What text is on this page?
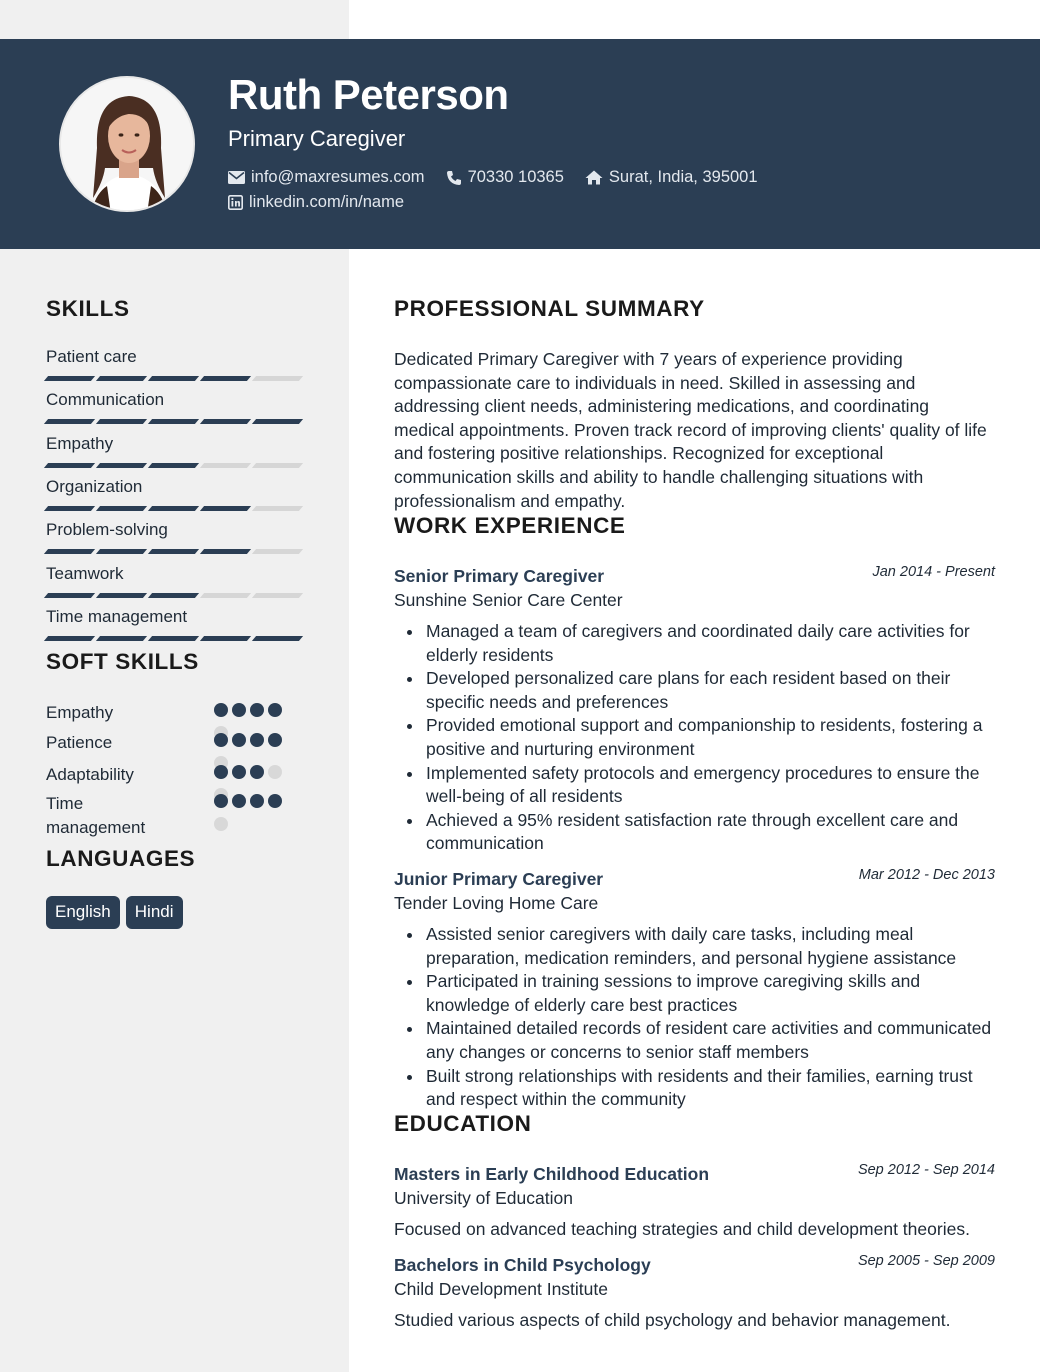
Ruth Peterson
Primary Caregiver
info@maxresumes.com	70330 10365	Surat, India, 395001
linkedin.com/in/name
SKILLS
Patient care
Communication
Empathy
Organization
Problem-solving
Teamwork
Time management
SOFT SKILLS
Empathy
Patience
Adaptability
Time management
LANGUAGES
English	Hindi
PROFESSIONAL SUMMARY
Dedicated Primary Caregiver with 7 years of experience providing compassionate care to individuals in need. Skilled in assessing and addressing client needs, administering medications, and coordinating medical appointments. Proven track record of improving clients' quality of life and fostering positive relationships. Recognized for exceptional communication skills and ability to handle challenging situations with professionalism and empathy.
WORK EXPERIENCE
Senior Primary Caregiver	Jan 2014 - Present
Sunshine Senior Care Center
Managed a team of caregivers and coordinated daily care activities for elderly residents
Developed personalized care plans for each resident based on their specific needs and preferences
Provided emotional support and companionship to residents, fostering a positive and nurturing environment
Implemented safety protocols and emergency procedures to ensure the well-being of all residents
Achieved a 95% resident satisfaction rate through excellent care and communication
Junior Primary Caregiver	Mar 2012 - Dec 2013
Tender Loving Home Care
Assisted senior caregivers with daily care tasks, including meal preparation, medication reminders, and personal hygiene assistance
Participated in training sessions to improve caregiving skills and knowledge of elderly care best practices
Maintained detailed records of resident care activities and communicated any changes or concerns to senior staff members
Built strong relationships with residents and their families, earning trust and respect within the community
EDUCATION
Masters in Early Childhood Education	Sep 2012 - Sep 2014
University of Education
Focused on advanced teaching strategies and child development theories.
Bachelors in Child Psychology	Sep 2005 - Sep 2009
Child Development Institute
Studied various aspects of child psychology and behavior management.
